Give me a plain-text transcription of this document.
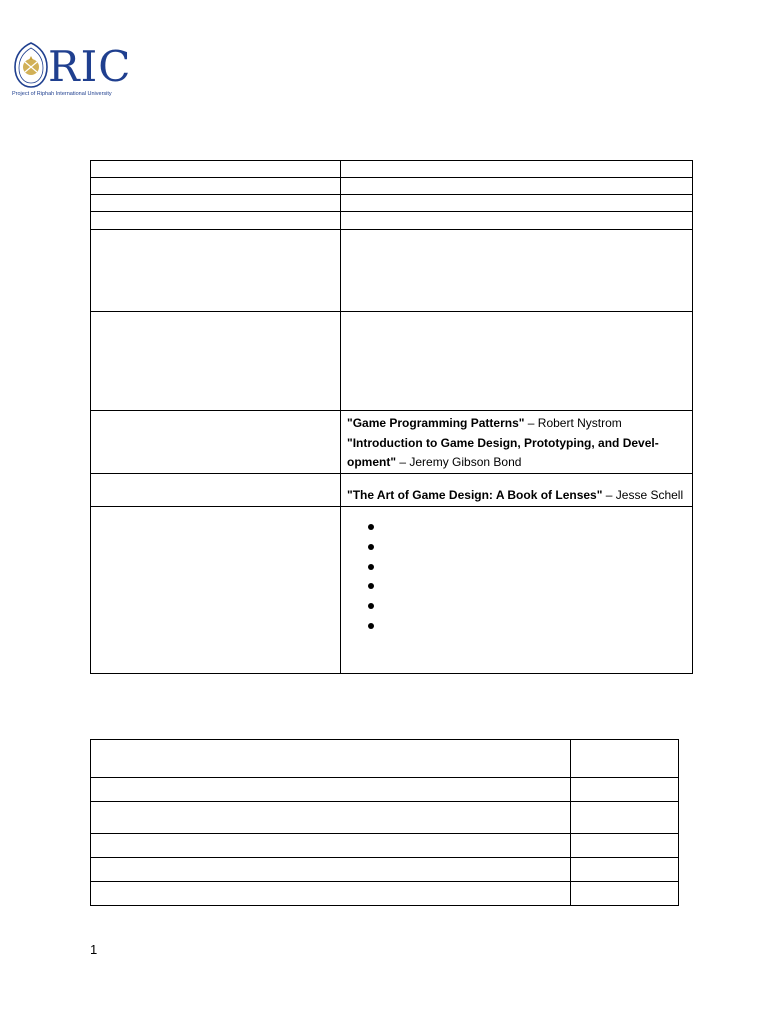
RIC
Project of Riphah International University

	"Game Programming Patterns" – Robert Nystrom
"Introduction to Game Design, Prototyping, and Devel-opment" – Jeremy Gibson Bond

	"The Art of Game Design: A Book of Lenses" – Jesse Schell

1
